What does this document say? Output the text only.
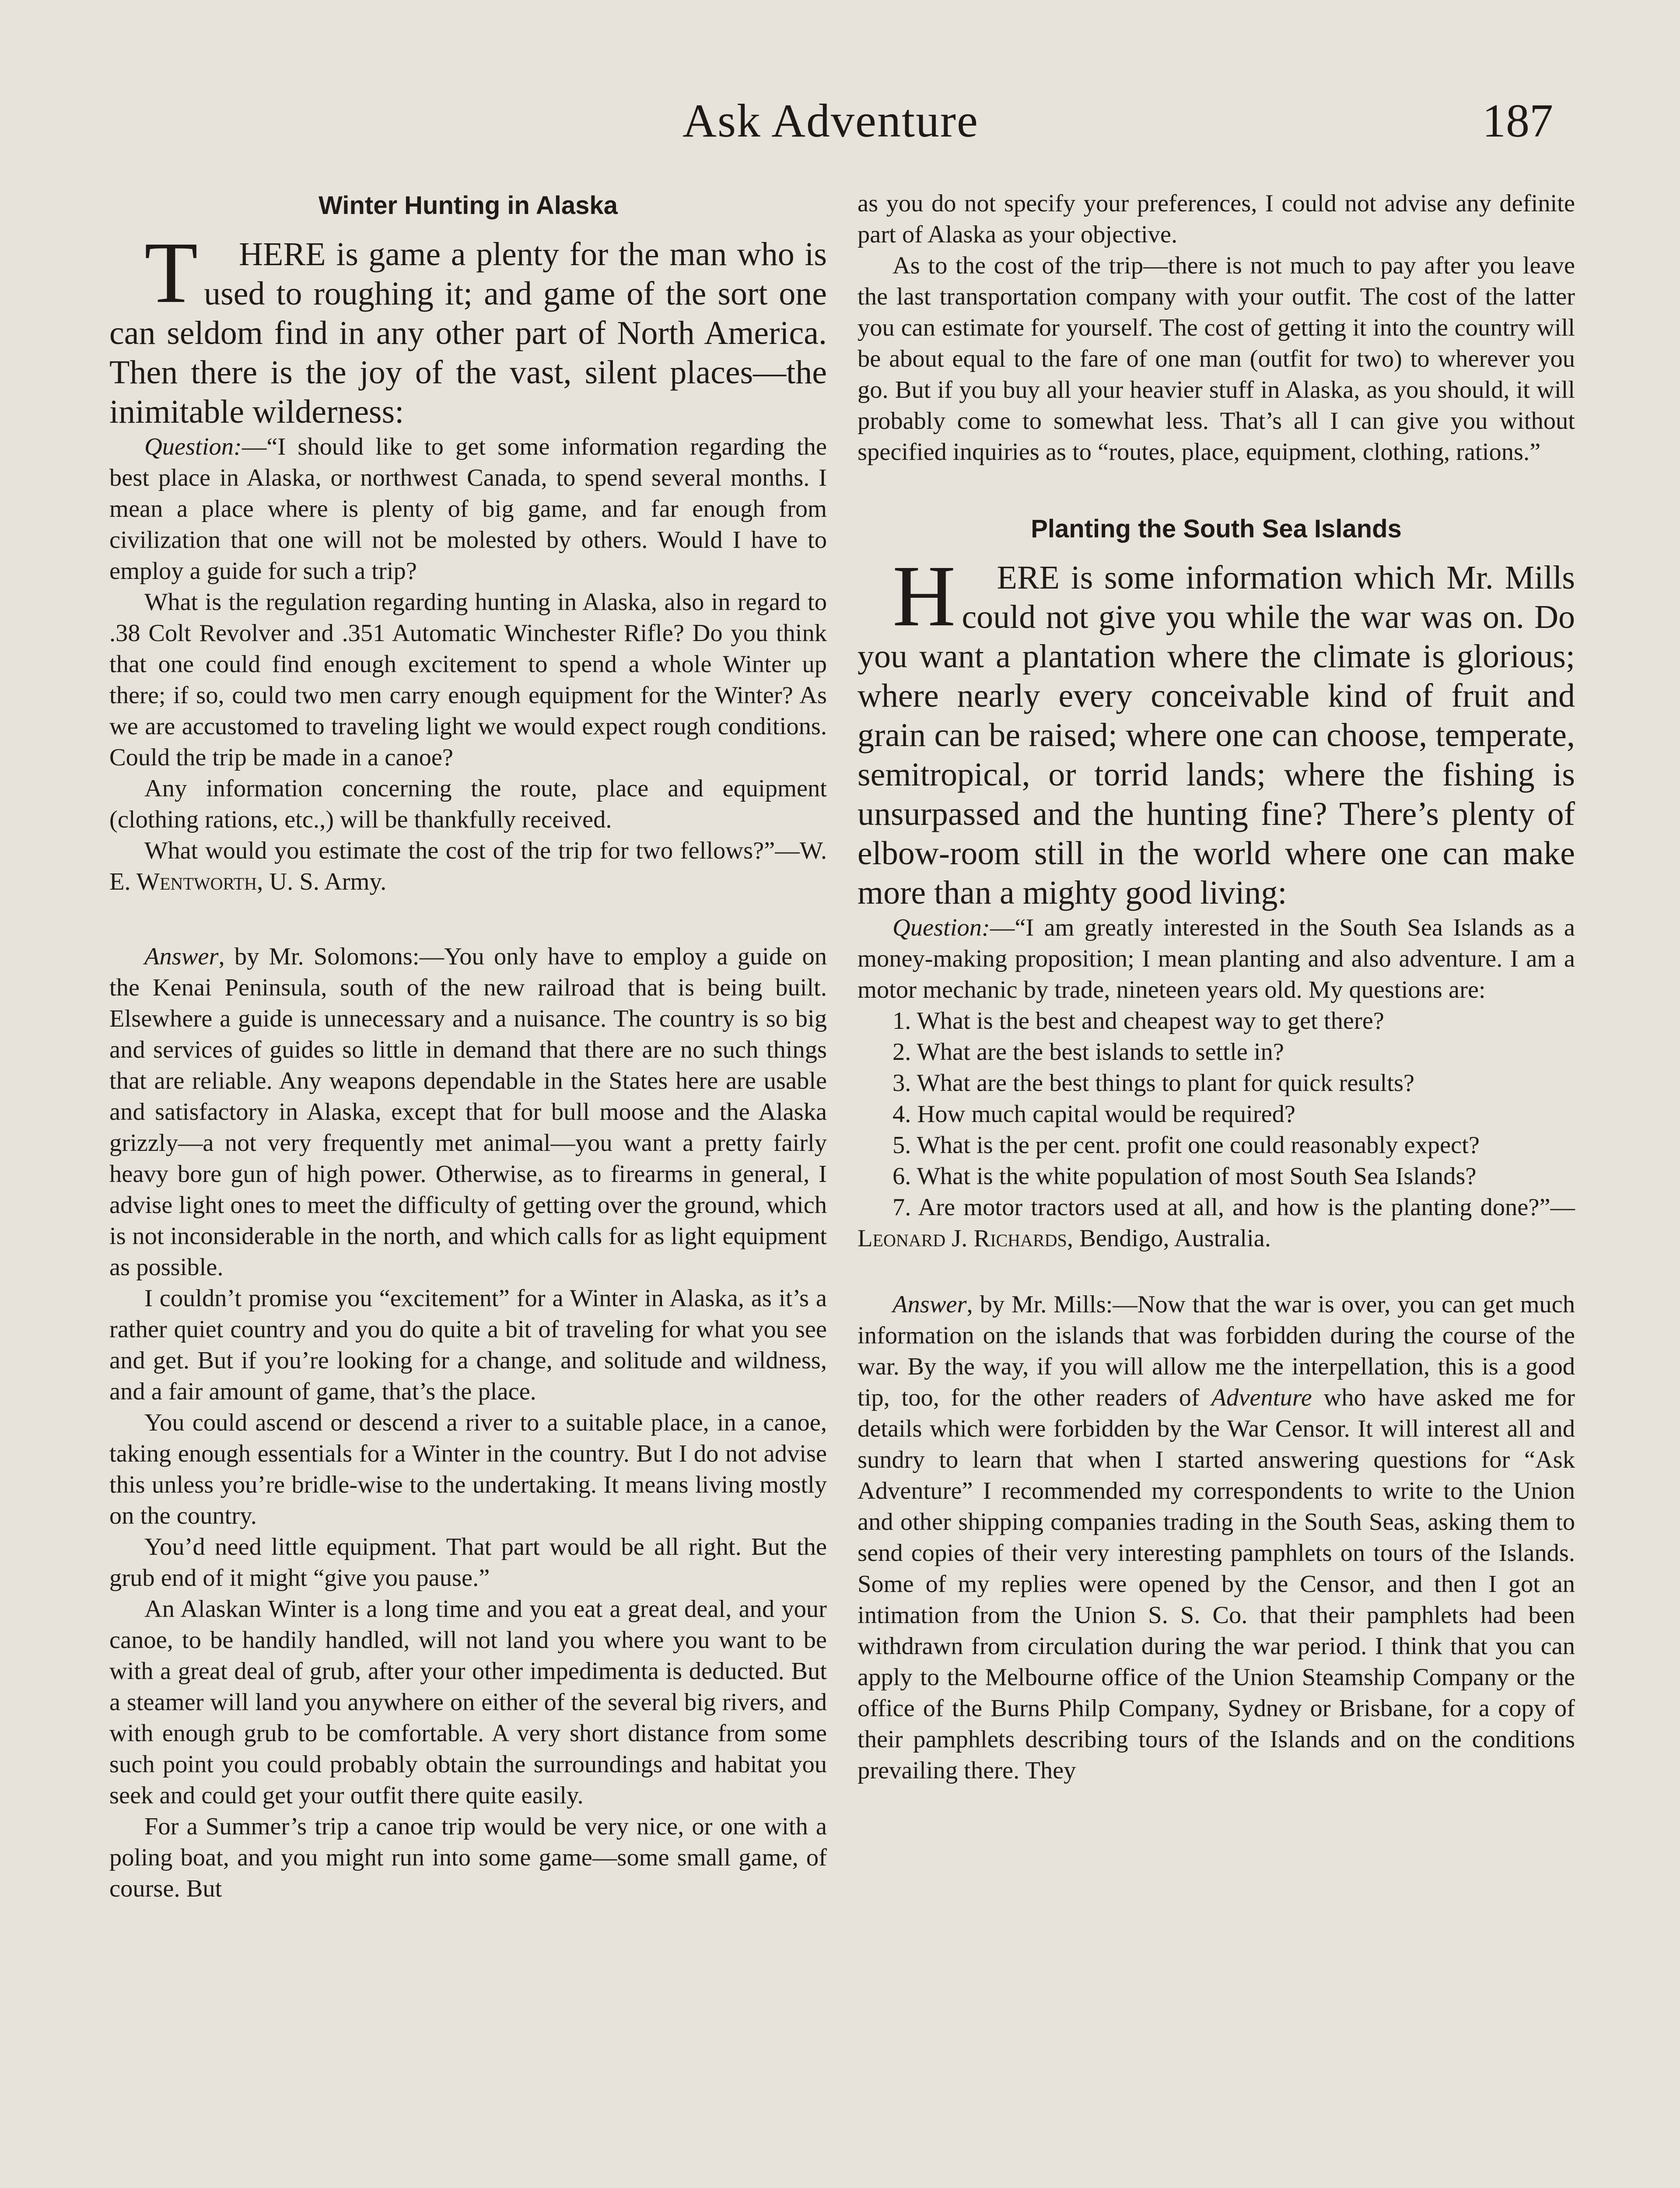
Ask Adventure	187
Winter Hunting in Alaska

T HERE is game a plenty for the man who is used to roughing it; and game of the sort one can seldom find in any other part of North America. Then there is the joy of the vast, silent places—the inimitable wilderness:

Question:—“I should like to get some information regarding the best place in Alaska, or northwest Canada, to spend several months. I mean a place where is plenty of big game, and far enough from civilization that one will not be molested by others. Would I have to employ a guide for such a trip?

What is the regulation regarding hunting in Alaska, also in regard to .38 Colt Revolver and .351 Automatic Winchester Rifle? Do you think that one could find enough excitement to spend a whole Winter up there; if so, could two men carry enough equipment for the Winter? As we are accustomed to traveling light we would expect rough conditions. Could the trip be made in a canoe?

Any information concerning the route, place and equipment (clothing rations, etc.,) will be thankfully received.

What would you estimate the cost of the trip for two fellows?”—W. E. Wentworth, U. S. Army.

Answer, by Mr. Solomons:—You only have to employ a guide on the Kenai Peninsula, south of the new railroad that is being built. Elsewhere a guide is unnecessary and a nuisance. The country is so big and services of guides so little in demand that there are no such things that are reliable. Any weapons dependable in the States here are usable and satisfactory in Alaska, except that for bull moose and the Alaska grizzly—a not very frequently met animal—you want a pretty fairly heavy bore gun of high power. Otherwise, as to firearms in general, I advise light ones to meet the difficulty of getting over the ground, which is not inconsiderable in the north, and which calls for as light equipment as possible.

I couldn’t promise you “excitement” for a Winter in Alaska, as it’s a rather quiet country and you do quite a bit of traveling for what you see and get. But if you’re looking for a change, and solitude and wildness, and a fair amount of game, that’s the place.

You could ascend or descend a river to a suitable place, in a canoe, taking enough essentials for a Winter in the country. But I do not advise this unless you’re bridle-wise to the undertaking. It means living mostly on the country.

You’d need little equipment. That part would be all right. But the grub end of it might “give you pause.”

An Alaskan Winter is a long time and you eat a great deal, and your canoe, to be handily handled, will not land you where you want to be with a great deal of grub, after your other impedimenta is deducted. But a steamer will land you anywhere on either of the several big rivers, and with enough grub to be comfortable. A very short distance from some such point you could probably obtain the surroundings and habitat you seek and could get your outfit there quite easily.

For a Summer’s trip a canoe trip would be very nice, or one with a poling boat, and you might run into some game—some small game, of course. But

as you do not specify your preferences, I could not advise any definite part of Alaska as your objective.

As to the cost of the trip—there is not much to pay after you leave the last transportation company with your outfit. The cost of the latter you can estimate for yourself. The cost of getting it into the country will be about equal to the fare of one man (outfit for two) to wherever you go. But if you buy all your heavier stuff in Alaska, as you should, it will probably come to somewhat less. That’s all I can give you without specified inquiries as to “routes, place, equipment, clothing, rations.”

Planting the South Sea Islands

H ERE is some information which Mr. Mills could not give you while the war was on. Do you want a plantation where the climate is glorious; where nearly every conceivable kind of fruit and grain can be raised; where one can choose, temperate, semitropical, or torrid lands; where the fishing is unsurpassed and the hunting fine? There’s plenty of elbow-room still in the world where one can make more than a mighty good living:

Question:—“I am greatly interested in the South Sea Islands as a money-making proposition; I mean planting and also adventure. I am a motor mechanic by trade, nineteen years old. My questions are:

1. What is the best and cheapest way to get there?

2. What are the best islands to settle in?

3. What are the best things to plant for quick results?

4. How much capital would be required?

5. What is the per cent. profit one could reasonably expect?

6. What is the white population of most South Sea Islands?

7. Are motor tractors used at all, and how is the planting done?”—Leonard J. Richards, Bendigo, Australia.

Answer, by Mr. Mills:—Now that the war is over, you can get much information on the islands that was forbidden during the course of the war. By the way, if you will allow me the interpellation, this is a good tip, too, for the other readers of Adventure who have asked me for details which were forbidden by the War Censor. It will interest all and sundry to learn that when I started answering questions for “Ask Adventure” I recommended my correspondents to write to the Union and other shipping companies trading in the South Seas, asking them to send copies of their very interesting pamphlets on tours of the Islands. Some of my replies were opened by the Censor, and then I got an intimation from the Union S. S. Co. that their pamphlets had been withdrawn from circulation during the war period. I think that you can apply to the Melbourne office of the Union Steamship Company or the office of the Burns Philp Company, Sydney or Brisbane, for a copy of their pamphlets describing tours of the Islands and on the conditions prevailing there. They
